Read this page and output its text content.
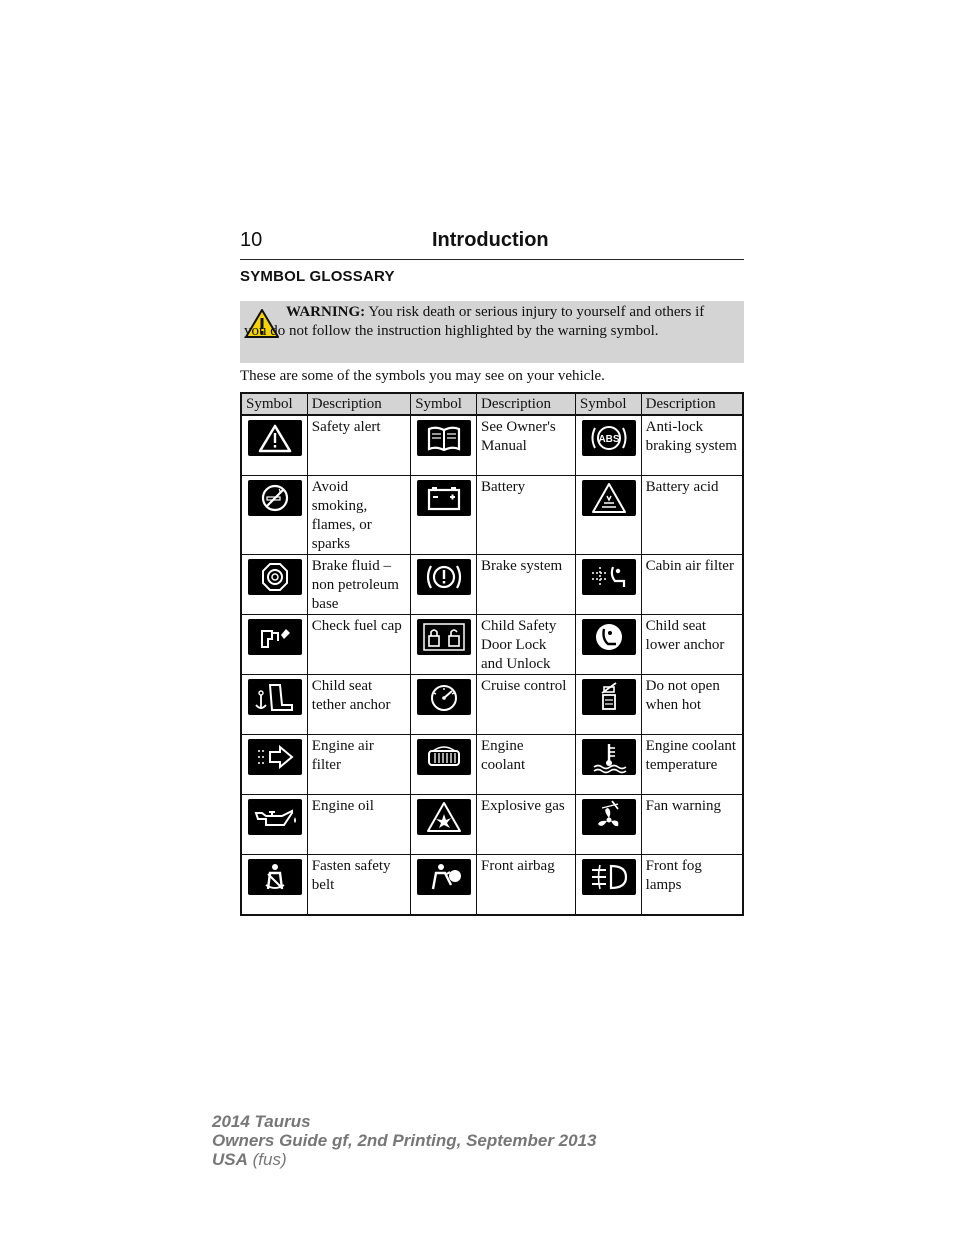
10	Introduction
SYMBOL GLOSSARY
WARNING: You risk death or serious injury to yourself and others if you do not follow the instruction highlighted by the warning symbol.
These are some of the symbols you may see on your vehicle.
Symbol	Description	Symbol	Description	Symbol	Description

	Safety alert		See Owner's Manual	ABS	Anti-lock braking system

	Avoid smoking, flames, or sparks		Battery		Battery acid

	Brake fluid – non petroleum base		Brake system		Cabin air filter

	Check fuel cap		Child Safety Door Lock and Unlock		Child seat lower anchor

	Child seat tether anchor		Cruise control		Do not open when hot

	Engine air filter		Engine coolant		Engine coolant temperature

	Engine oil		Explosive gas		Fan warning

	Fasten safety belt		Front airbag		Front fog lamps
2014 Taurus
Owners Guide gf, 2nd Printing, September 2013
USA (fus)
